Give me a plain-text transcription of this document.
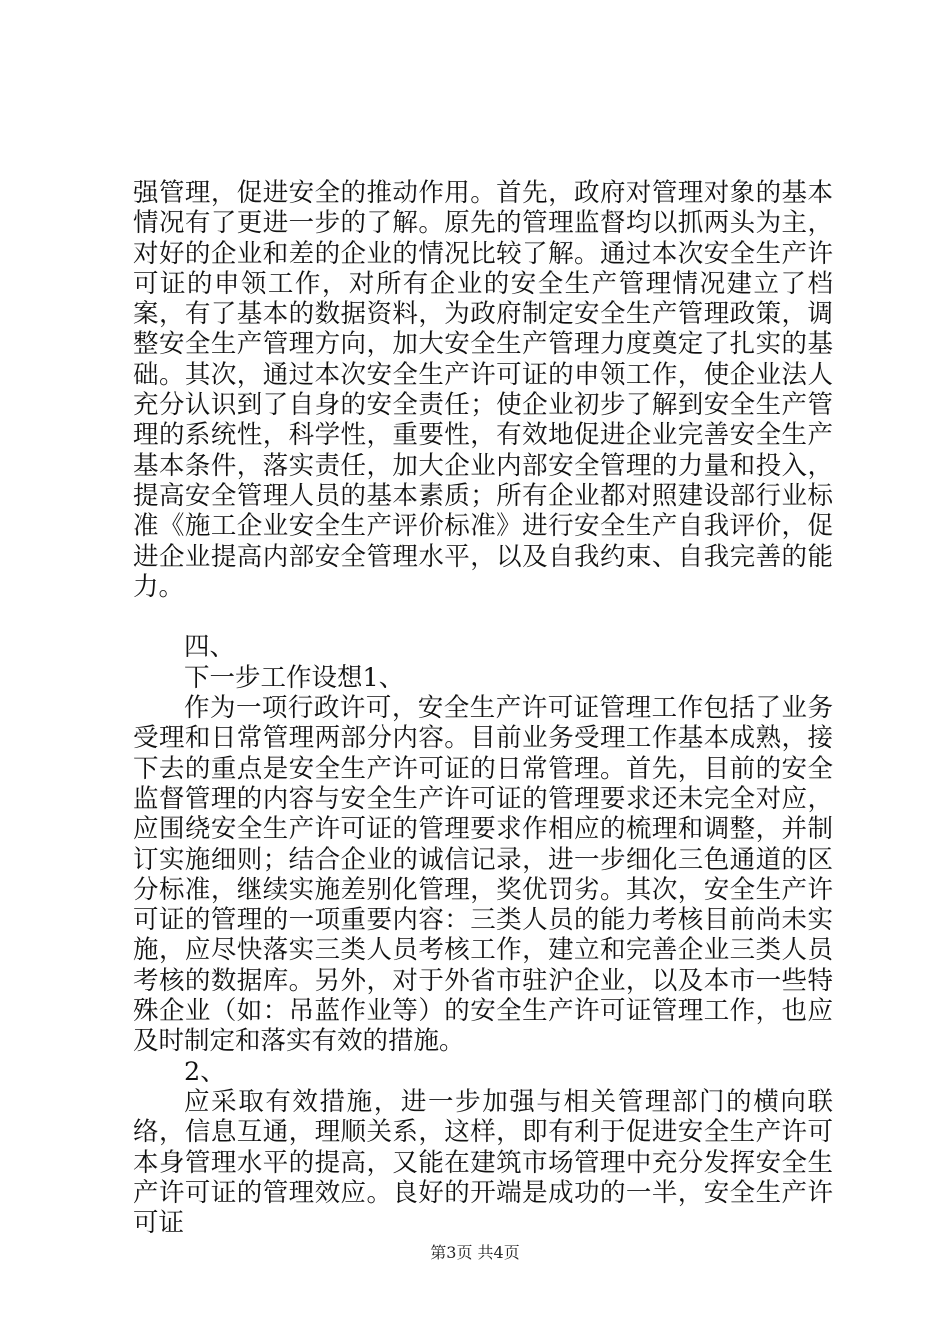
强管理，促进安全的推动作用。首先，政府对管理对象的基本情况有了更进一步的了解。原先的管理监督均以抓两头为主，对好的企业和差的企业的情况比较了解。通过本次安全生产许可证的申领工作，对所有企业的安全生产管理情况建立了档案，有了基本的数据资料，为政府制定安全生产管理政策，调整安全生产管理方向，加大安全生产管理力度奠定了扎实的基础。其次，通过本次安全生产许可证的申领工作，使企业法人充分认识到了自身的安全责任；使企业初步了解到安全生产管理的系统性，科学性，重要性，有效地促进企业完善安全生产基本条件，落实责任，加大企业内部安全管理的力量和投入，提高安全管理人员的基本素质；所有企业都对照建设部行业标准《施工企业安全生产评价标准》进行安全生产自我评价，促进企业提高内部安全管理水平，以及自我约束、自我完善的能力。

四、

下一步工作设想1、

作为一项行政许可，安全生产许可证管理工作包括了业务受理和日常管理两部分内容。目前业务受理工作基本成熟，接下去的重点是安全生产许可证的日常管理。首先，目前的安全监督管理的内容与安全生产许可证的管理要求还未完全对应，应围绕安全生产许可证的管理要求作相应的梳理和调整，并制订实施细则；结合企业的诚信记录，进一步细化三色通道的区分标准，继续实施差别化管理，奖优罚劣。其次，安全生产许可证的管理的一项重要内容：三类人员的能力考核目前尚未实施，应尽快落实三类人员考核工作，建立和完善企业三类人员考核的数据库。另外，对于外省市驻沪企业，以及本市一些特殊企业（如：吊蓝作业等）的安全生产许可证管理工作，也应及时制定和落实有效的措施。

2、

应采取有效措施，进一步加强与相关管理部门的横向联络，信息互通，理顺关系，这样，即有利于促进安全生产许可本身管理水平的提高，又能在建筑市场管理中充分发挥安全生产许可证的管理效应。良好的开端是成功的一半，安全生产许可证

第3页 共4页
